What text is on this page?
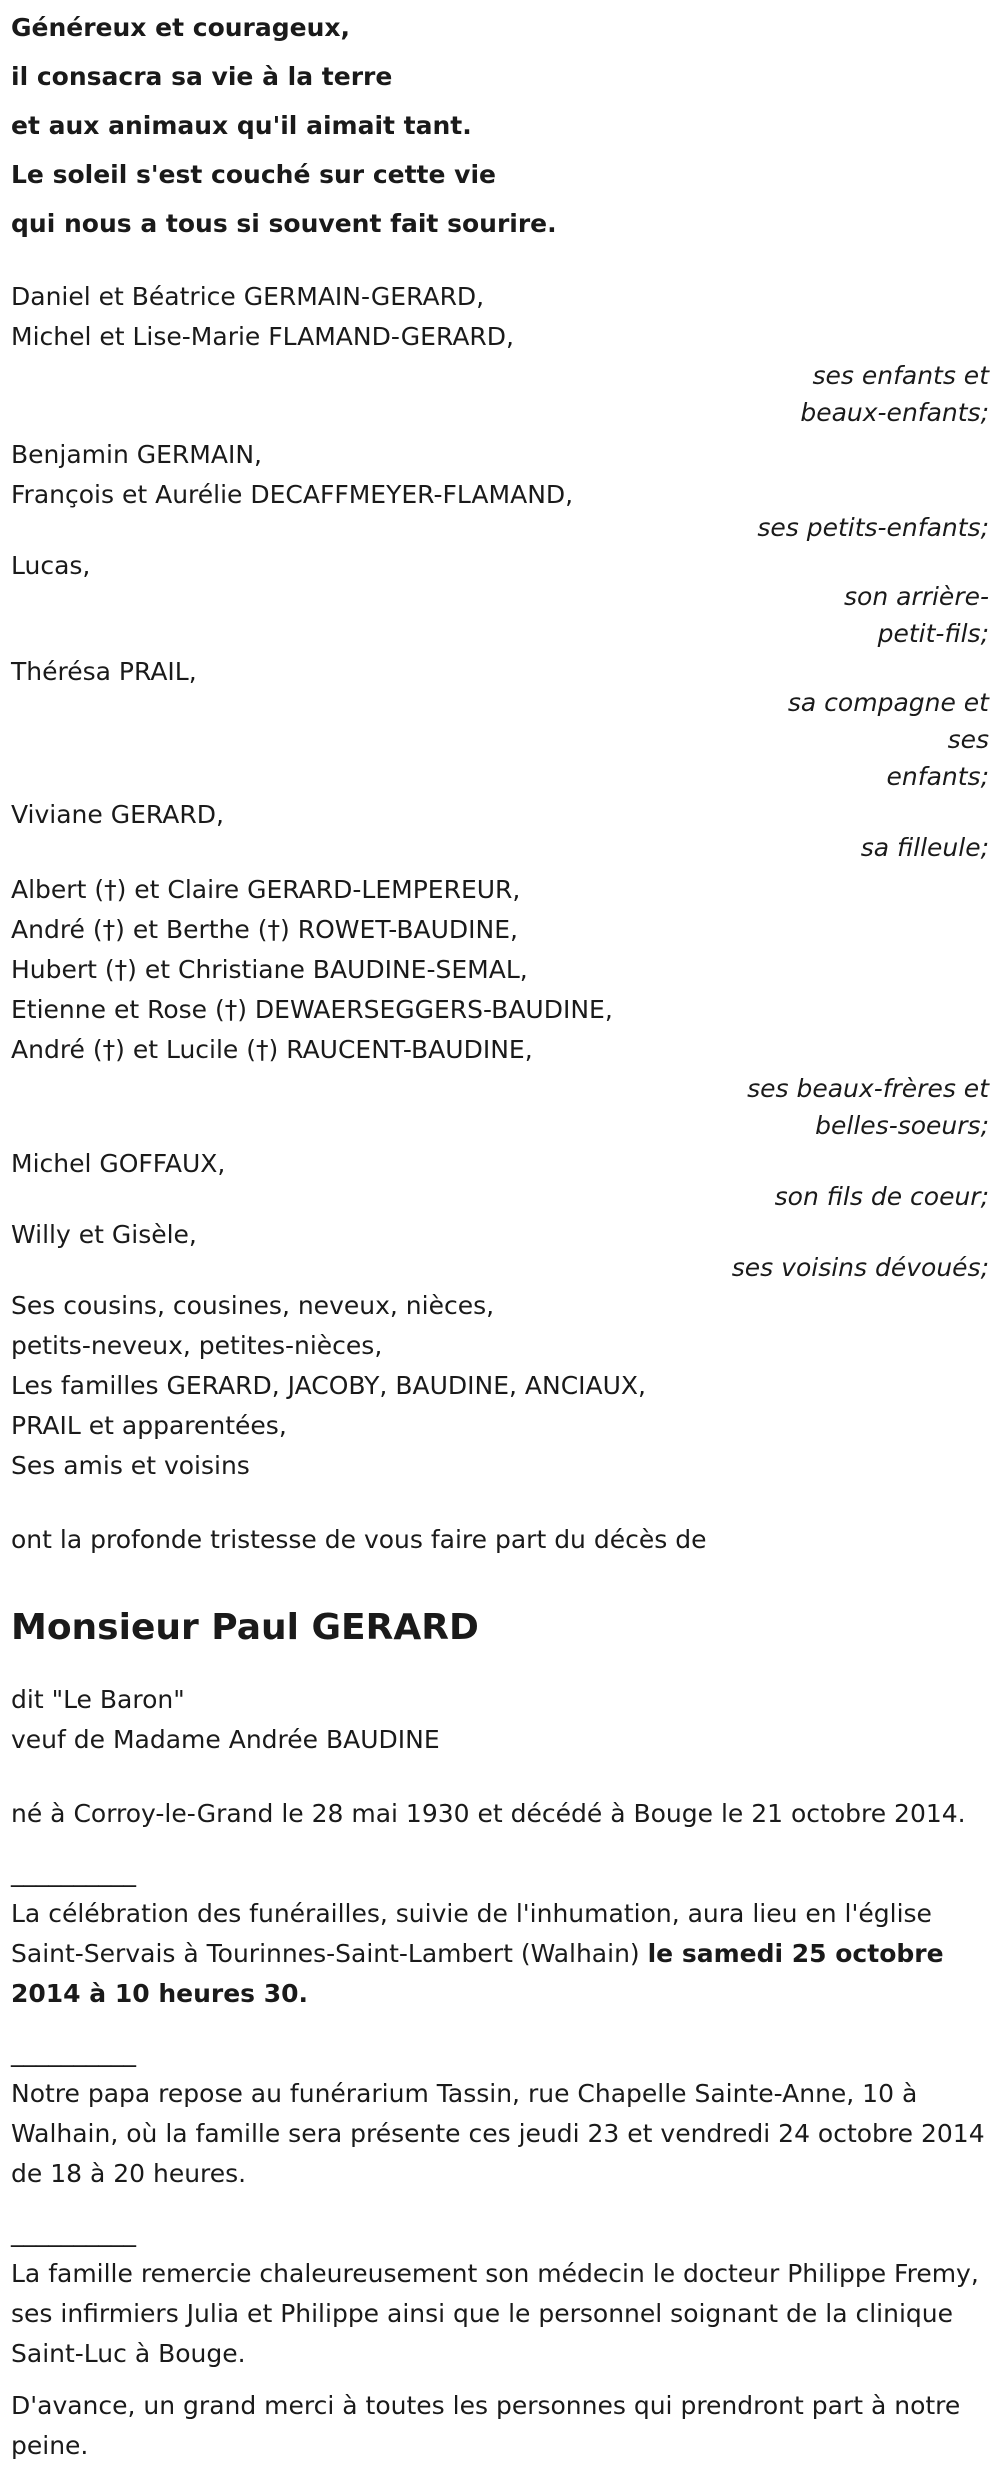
Généreux et courageux,
il consacra sa vie à la terre
et aux animaux qu'il aimait tant.
Le soleil s'est couché sur cette vie
qui nous a tous si souvent fait sourire.
Daniel et Béatrice GERMAIN-GERARD,
Michel et Lise-Marie FLAMAND-GERARD,
ses enfants et
beaux-enfants;
Benjamin GERMAIN,
François et Aurélie DECAFFMEYER-FLAMAND,
ses petits-enfants;
Lucas,
son arrière-
petit-fils;
Thérésa PRAIL,
sa compagne et ses
enfants;
Viviane GERARD,
sa filleule;
Albert (†) et Claire GERARD-LEMPEREUR,
André (†) et Berthe (†) ROWET-BAUDINE,
Hubert (†) et Christiane BAUDINE-SEMAL,
Etienne et Rose (†) DEWAERSEGGERS-BAUDINE,
André (†) et Lucile (†) RAUCENT-BAUDINE,
ses beaux-frères et
belles-soeurs;
Michel GOFFAUX,
son fils de coeur;
Willy et Gisèle,
ses voisins dévoués;
Ses cousins, cousines, neveux, nièces,
petits-neveux, petites-nièces,
Les familles GERARD, JACOBY, BAUDINE, ANCIAUX,
PRAIL et apparentées,
Ses amis et voisins
ont la profonde tristesse de vous faire part du décès de
Monsieur Paul GERARD
dit "Le Baron"
veuf de Madame Andrée BAUDINE
né à Corroy-le-Grand le 28 mai 1930 et décédé à Bouge le 21 octobre 2014.
__________
La célébration des funérailles, suivie de l'inhumation, aura lieu en l'église Saint-Servais à Tourinnes-Saint-Lambert (Walhain) le samedi 25 octobre 2014 à 10 heures 30.
__________
Notre papa repose au funérarium Tassin, rue Chapelle Sainte-Anne, 10 à Walhain, où la famille sera présente ces jeudi 23 et vendredi 24 octobre 2014 de 18 à 20 heures.
__________
La famille remercie chaleureusement son médecin le docteur Philippe Fremy, ses infirmiers Julia et Philippe ainsi que le personnel soignant de la clinique Saint-Luc à Bouge.
D'avance, un grand merci à toutes les personnes qui prendront part à notre peine.
